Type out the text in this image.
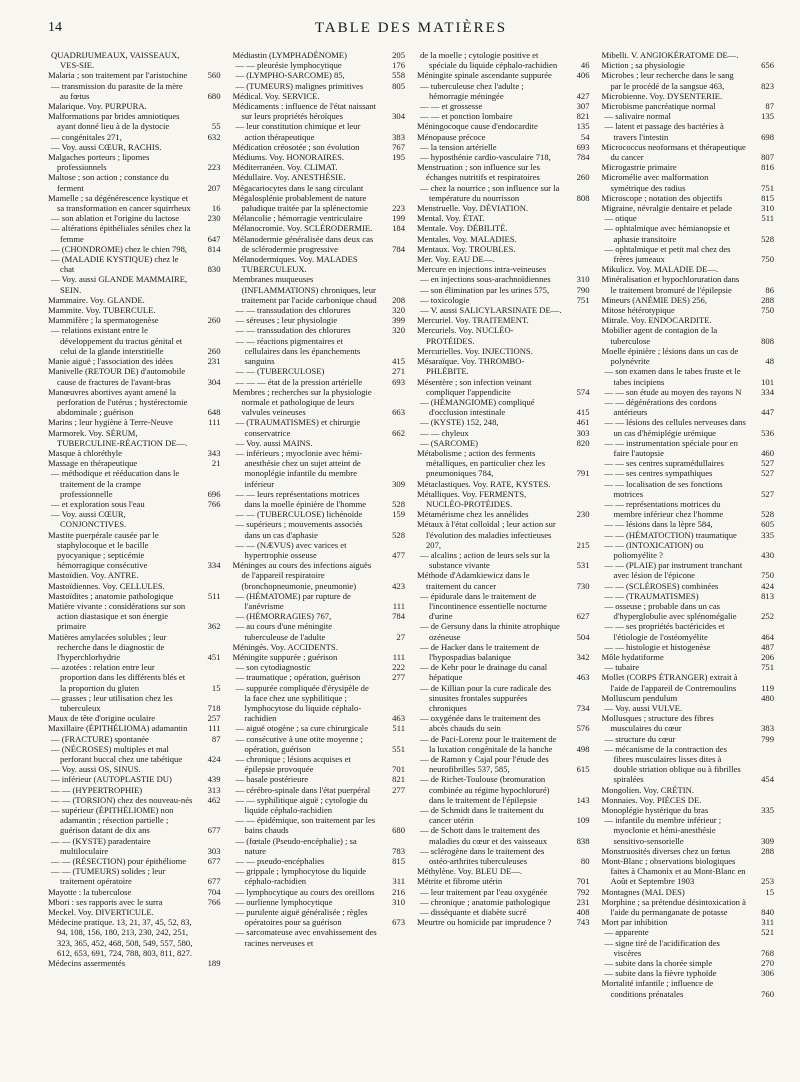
14	TABLE DES MATIÈRES

QUADRIJUMEAUX, VAISSEAUX, VES-SIE.

Malaria ; son traitement par l'aristochine	560

— transmission du parasite de la mère au fœtus	680

Malarique. Voy. PURPURA.

Malformations par brides amniotiques ayant donné lieu à de la dystocie	55

— congénitales 271,	632

— Voy. aussi CŒUR, RACHIS.

Malgaches porteurs ; lipomes professionnels	223

Maltose ; son action ; constance du ferment	207

Mamelle ; sa dégénérescence kystique et sa transformation en cancer squirrheux	16

— son ablation et l'origine du lactose	230

— altérations épithéliales séniles chez la femme	647

— (CHONDROME) chez le chien 798,	814

— (MALADIE KYSTIQUE) chez le chat	830

— Voy. aussi GLANDE MAMMAIRE, SEIN.

Mammaire. Voy. GLANDE.

Mammite. Voy. TUBERCULE.

Mammifère ; la spermatogenèse	260

— relations existant entre le développement du tractus génital et celui de la glande interstitielle	260

Manie aiguë ; l'association des idées	231

Manivelle (RETOUR DE) d'automobile cause de fractures de l'avant-bras	304

Manœuvres abortives ayant amené la perforation de l'utérus ; hystérectomie abdominale ; guérison	648

Marins ; leur hygiène à Terre-Neuve	111

Marmorek. Voy. SÉRUM, TUBERCULINE-RÉACTION DE—.

Masque à chloréthyle	343

Massage en thérapeutique	21

— méthodique et rééducation dans le traitement de la crampe professionnelle	696

— et exploration sous l'eau	766

— Voy. aussi CŒUR, CONJONCTIVES.

Mastite puerpérale causée par le staphylocoque et le bacille pyocyanique ; septicémie hémorragique consécutive	334

Mastoïdien. Voy. ANTRE.

Mastoïdiennes. Voy. CELLULES.

Mastoïdites ; anatomie pathologique	511

Matière vivante : considérations sur son action diastasique et son énergie primaire	362

Matières amylacées solubles ; leur recherche dans le diagnostic de l'hyperchlorhydrie	451

— azotées : relation entre leur proportion dans les différents blés et la proportion du gluten	15

— grasses ; leur utilisation chez les tuberculeux	718

Maux de tête d'origine oculaire	257

Maxillaire (ÉPITHÉLIOMA) adamantin	111

— (FRACTURE) spontanée	87

— (NÉCROSES) multiples et mal perforant buccal chez une tabétique	424

— Voy. aussi OS, SINUS.

— inférieur (AUTOPLASTIE DU)	439

— — (HYPERTROPHIE)	313

— — (TORSION) chez des nouveau-nés	462

— supérieur (ÉPITHÉLIOME) non adamantin ; résection partielle ; guérison datant de dix ans	677

— — (KYSTE) paradentaire multiloculaire	303

— — (RÉSECTION) pour épithéliome	677

— — (TUMEURS) solides ; leur traitement opératoire	677

Mayotte : la tuberculose	704

Mbori : ses rapports avec le surra	766

Meckel. Voy. DIVERTICULE.

Médecine pratique. 13, 21, 37, 45, 52, 83, 94, 108, 156, 180, 213, 230, 242, 251, 323, 365, 452, 468, 508, 549, 557, 580, 612, 653, 691, 724, 788, 803, 811, 827.

Médecins assermentés	189

Médiastin (LYMPHADÉNOME)	205

— — pleurésie lymphocytique	176

— (LYMPHO-SARCOME) 85,	558

— (TUMEURS) malignes primitives	805

Médical. Voy. SERVICE.

Médicaments : influence de l'état naissant sur leurs propriétés héroïques	304

— leur constitution chimique et leur action thérapeutique	383

Médication créosotée ; son évolution	767

Médiums. Voy. HONORAIRES.	195

Méditerranéen. Voy. CLIMAT.

Médullaire. Voy. ANESTHÉSIE.

Mégacariocytes dans le sang circulant

Mégalosplénie probablement de nature paludique traitée par la splénectomie	223

Mélancolie ; hémorragie ventriculaire	199

Mélanocromie. Voy. SCLÉRODERMIE.	184

Mélanodermie généralisée dans deux cas de sclérodermie progressive	784

Mélanodermiques. Voy. MALADES TUBERCULEUX.

Membranes muqueuses (INFLAMMATIONS) chroniques, leur traitement par l'acide carbonique chaud	208

— — transsudation des chlorures	320

— séreuses ; leur physiologie	399

— — transsudation des chlorures	320

— — réactions pigmentaires et cellulaires dans les épanchements sanguins	415

— — (TUBERCULOSE)	271

— — — état de la pression artérielle	693

Membres ; recherches sur la physiologie normale et pathologique de leurs valvules veineuses	663

— (TRAUMATISMES) et chirurgie conservatrice	662

— Voy. aussi MAINS.

— inférieurs ; myoclonie avec hémi-anesthésie chez un sujet atteint de monoplégie infantile du membre inférieur	309

— — leurs représentations motrices dans la moelle épinière de l'homme	528

— — (TUBERCULOSE) lichénoïde	159

— supérieurs ; mouvements associés dans un cas d'aphasie	528

— — (NÆVUS) avec varices et hypertrophie osseuse	477

Méninges au cours des infections aiguës de l'appareil respiratoire (bronchopneumonie, pneumonie)	423

— (HÉMATOME) par rupture de l'anévrisme	111

— (HÉMORRAGIES) 767,	784

— au cours d'une méningite tuberculeuse de l'adulte	27

Méningés. Voy. ACCIDENTS.

Méningite suppurée ; guérison	111

— son cytodiagnostic	222

— traumatique ; opération, guérison	277

— suppurée compliquée d'érysipèle de la face chez une syphilitique ; lymphocytose du liquide céphalo-rachidien	463

— aiguë otogène ; sa cure chirurgicale	511

— consécutive à une otite moyenne ; opération, guérison	551

— chronique ; lésions acquises et épilepsie provoquée	701

— basale postérieure	821

— cérébro-spinale dans l'état puerpéral	277

— — syphilitique aiguë ; cytologie du liquide céphalo-rachidien

— — épidémique, son traitement par les bains chauds	680

— (fœtale (Pseudo-encéphalie) ; sa nature	783

— — pseudo-encéphalies	815

— grippale ; lymphocytose du liquide céphalo-rachidien	311

— lymphocytique au cours des oreillons	216

— ourlienne lymphocytique	310

— purulente aiguë généralisée ; règles opératoires pour sa guérison	673

— sarcomateuse avec envahissement des racines nerveuses et

de la moelle ; cytologie positive et spéciale du liquide céphalo-rachidien	46

Méningite spinale ascendante suppurée	406

— tuberculeuse chez l'adulte ; hémorragie méningée	427

— — et grossesse	307

— — et ponction lombaire	821

Méningocoque cause d'endocardite	135

Ménopause précoce	54

— la tension artérielle	693

— hyposthénie cardio-vasculaire 718,	784

Menstruation ; son influence sur les échanges nutritifs et respiratoires	260

— chez la nourrice ; son influence sur la température du nourrisson	808

Menstruelle. Voy. DÉVIATION.

Mental. Voy. ÉTAT.

Mentale. Voy. DÉBILITÉ.

Mentales. Voy. MALADIES.

Mentaux. Voy. TROUBLES.

Mer. Voy. EAU DE—.

Mercure en injections intra-veineuses

— en injections sous-arachnoïdiennes	310

— son élimination par les urines 575,	790

— toxicologie	751

— V. aussi SALICYLARSINATE DE—.

Mercuriel. Voy. TRAITEMENT.

Mercuriels. Voy. NUCLÉO-PROTÉIDES.

Mercurielles. Voy. INJECTIONS.

Mésaraïque. Voy. THROMBO-PHLÉBITE.

Mésentère ; son infection veinant compliquer l'appendicite	574

— (HÉMANGIOME) compliqué d'occlusion intestinale	415

— (KYSTE) 152, 248,	461

— — chyleux	303

— (SARCOME)	820

Métabolisme ; action des ferments métalliques, en particulier chez les pneumoniques 784,	791

Métaclastiques. Voy. RATE, KYSTES.

Métalliques. Voy. FERMENTS, NUCLÉO-PROTÉIDES.

Métamérisme chez les annélides	230

Métaux à l'état colloïdal ; leur action sur l'évolution des maladies infectieuses 207,	215

— alcalins ; action de leurs sels sur la substance vivante	531

Méthode d'Adamkiewicz dans le traitement du cancer	730

— épidurale dans le traitement de l'incontinence essentielle nocturne d'urine	627

— de Gersuny dans la rhinite atrophique ozéneuse	504

— de Hacker dans le traitement de l'hypospadias balanique	342

— de Kehr pour le drainage du canal hépatique	463

— de Killian pour la cure radicale des sinusites frontales suppurées chroniques	734

— oxygénée dans le traitement des abcès chauds du sein	576

— de Paci-Lorenz pour le traitement de la luxation congénitale de la hanche	498

— de Ramon y Cajal pour l'étude des neurofibrilles 537, 585,	615

— de Richet-Toulouse (bromuration combinée au régime hypochloruré) dans le traitement de l'épilepsie	143

— de Schmidt dans le traitement du cancer utérin	109

— de Schott dans le traitement des maladies du cœur et des vaisseaux	838

— sclérogène dans le traitement des ostéo-arthrites tuberculeuses	80

Méthylène. Voy. BLEU DE—.

Métrite et fibrome utérin	701

— leur traitement par l'eau oxygénée	792

— chronique ; anatomie pathologique	231

— disséquante et diabète sucré	408

Meurtre ou homicide par imprudence ?	743

Mibelli. V. ANGIOKÉRATOME DE—.

Miction ; sa physiologie	656

Microbes ; leur recherche dans le sang par le procédé de la sangsue 463,	823

Microbienne. Voy. DYSENTERIE.

Microbisme pancréatique normal	87

— salivaire normal	135

— latent et passage des bactéries à travers l'intestin	698

Micrococcus neoformans et thérapeutique du cancer	807

Microgastrie primaire	816

Micromélie avec malformation symétrique des radius	751

Microscope ; notation des objectifs	815

Migraine, névralgie dentaire et pelade	310

— otique	511

— ophtalmique avec hémianopsie et aphasie transitoire	528

— ophtalmique et petit mal chez des frères jumeaux	750

Mikulicz. Voy. MALADIE DE—.

Minéralisation et hypochloruration dans le traitement bromuré de l'épilepsie	86

Mineurs (ANÉMIE DES) 256,	288

Mitose hétérotypique	750

Mitrale. Voy. ENDOCARDITE.

Mobilier agent de contagion de la tuberculose	808

Moelle épinière ; lésions dans un cas de polynévrite	48

— son examen dans le tabes fruste et le tabes incipiens	101

— — son étude au moyen des rayons N	334

— — dégénérations des cordons antérieurs	447

— — lésions des cellules nerveuses dans un cas d'hémiplégie urémique	536

— — instrumentation spéciale pour en faire l'autopsie	460

— — ses centres supramédullaires	527

— — ses centres sympathiques	527

— — localisation de ses fonctions motrices	527

— — représentations motrices du membre inférieur chez l'homme	528

— — lésions dans la lèpre 584,	605

— — (HÉMATOCTION) traumatique	335

— — (INTOXICATION) ou poliomyélite ?	430

— — (PLAIE) par instrument tranchant avec lésion de l'épicone	750

— — (SCLÉROSES) combinées	424

— — (TRAUMATISMES)	813

— osseuse ; probable dans un cas d'hyperglobulie avec splénomégalie	252

— — ses propriétés bactéricides et l'étiologie de l'ostéomyélite	464

— — histologie et histogenèse	487

Môle hydatiforme	206

— tubaire	751

Mollet (CORPS ÉTRANGER) extrait à l'aide de l'appareil de Contremoulins	119

Molluscum pendulum	480

— Voy. aussi VULVE.

Mollusques ; structure des fibres musculaires du cœur	383

— structure du cœur	799

— mécanisme de la contraction des fibres musculaires lisses dites à double striation oblique ou à fibrilles spiralées	454

Mongolien. Voy. CRÉTIN.

Monnaies. Voy. PIÈCES DE.

Monoplégie hystérique du bras	335

— infantile du membre inférieur ; myoclonie et hémi-anesthésie sensitivo-sensorielle	309

Monstruosités diverses chez un fœtus	288

Mont-Blanc ; observations biologiques faites à Chamonix et au Mont-Blanc en Août et Septembre 1903	253

Montagnes (MAL DES)	15

Morphine ; sa prétendue désintoxication à l'aide du permanganate de potasse	840

Mort par inhibition	311

— apparente	521

— signe tiré de l'acidification des viscères	768

— subite dans la chorée simple	270

— subite dans la fièvre typhoïde	306

Mortalité infantile ; influence de conditions prénatales	760
